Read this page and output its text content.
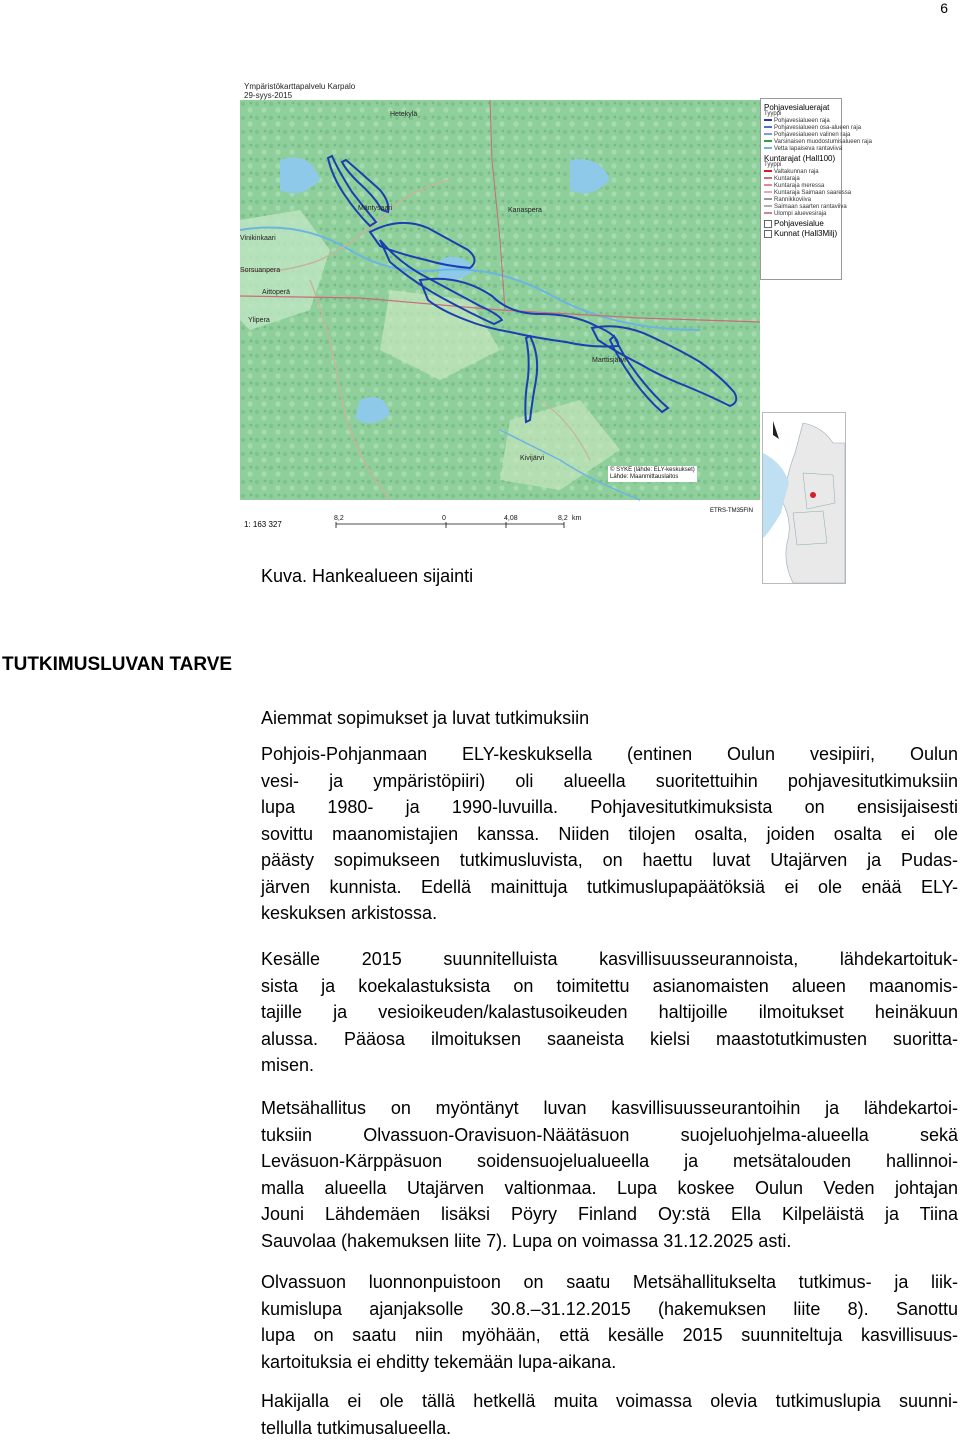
6
Ympäristökarttapalvelu Karpalo
29-syys-2015
Hetekylä
Mäntysaari
Vinikinkaari
Kanaspera
Sorsuanpera
Aittoperä
Ylipera
Marttisjärvi
Kivijärvi
Pohjavesialuerajat
Tyyppi
Pohjavesialueen raja
Pohjavesialueen osa-alueen raja
Pohjavesialueen valinen raja
Varsinaisen muodostumisalueen raja
Vetta lapaiseva rantaviiva
Kuntarajat (Hall100)
Tyyppi
Valtakunnan raja
Kuntaraja
Kuntaraja meressa
Kuntaraja Saimaan saaressa
Rannikkoviiva
Saimaan saarten rantaviiva
Ulompi aluevesiraja
Pohjavesialue
Kunnat (Hall3Milj)
© SYKE (lähde: ELY-keskukset)
Lähde: Maanmittauslaitos
1: 163 327
8,2	0	4,08	8,2 km
ETRS-TM35FIN
Kuva. Hankealueen sijainti
TUTKIMUSLUVAN TARVE
Aiemmat sopimukset ja luvat tutkimuksiin
Pohjois-Pohjanmaan ELY-keskuksella (entinen Oulun vesipiiri, Oulun
vesi- ja ympäristöpiiri) oli alueella suoritettuihin pohjavesitutkimuksiin
lupa 1980- ja 1990-luvuilla. Pohjavesitutkimuksista on ensisijaisesti
sovittu maanomistajien kanssa. Niiden tilojen osalta, joiden osalta ei ole
päästy sopimukseen tutkimusluvista, on haettu luvat Utajärven ja Pudas-
järven kunnista. Edellä mainittuja tutkimuslupapäätöksiä ei ole enää ELY-
keskuksen arkistossa.
Kesälle 2015 suunnitelluista kasvillisuusseurannoista, lähdekartoituk-
sista ja koekalastuksista on toimitettu asianomaisten alueen maanomis-
tajille ja vesioikeuden/kalastusoikeuden haltijoille ilmoitukset heinäkuun
alussa. Pääosa ilmoituksen saaneista kielsi maastotutkimusten suoritta-
misen.
Metsähallitus on myöntänyt luvan kasvillisuusseurantoihin ja lähdekartoi-
tuksiin Olvassuon-Oravisuon-Näätäsuon suojeluohjelma-alueella sekä
Leväsuon-Kärppäsuon soidensuojelualueella ja metsätalouden hallinnoi-
malla alueella Utajärven valtionmaa. Lupa koskee Oulun Veden johtajan
Jouni Lähdemäen lisäksi Pöyry Finland Oy:stä Ella Kilpeläistä ja Tiina
Sauvolaa (hakemuksen liite 7). Lupa on voimassa 31.12.2025 asti.
Olvassuon luonnonpuistoon on saatu Metsähallitukselta tutkimus- ja liik-
kumislupa ajanjaksolle 30.8.–31.12.2015 (hakemuksen liite 8). Sanottu
lupa on saatu niin myöhään, että kesälle 2015 suunniteltuja kasvillisuus-
kartoituksia ei ehditty tekemään lupa-aikana.
Hakijalla ei ole tällä hetkellä muita voimassa olevia tutkimuslupia suunni-
tellulla tutkimusalueella.
